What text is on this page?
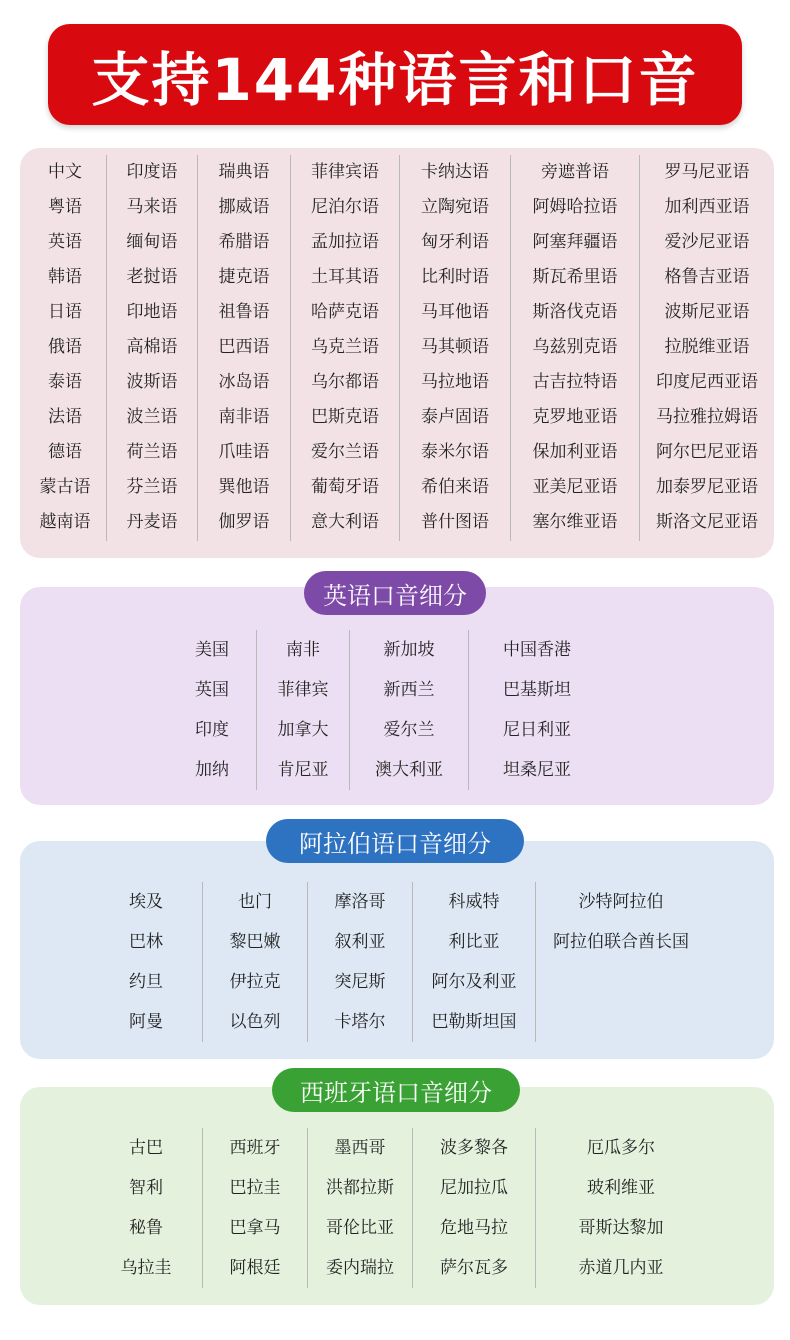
支持144种语言和口音
中文
粤语
英语
韩语
日语
俄语
泰语
法语
德语
蒙古语
越南语
印度语
马来语
缅甸语
老挝语
印地语
高棉语
波斯语
波兰语
荷兰语
芬兰语
丹麦语
瑞典语
挪威语
希腊语
捷克语
祖鲁语
巴西语
冰岛语
南非语
爪哇语
巽他语
伽罗语
菲律宾语
尼泊尔语
孟加拉语
土耳其语
哈萨克语
乌克兰语
乌尔都语
巴斯克语
爱尔兰语
葡萄牙语
意大利语
卡纳达语
立陶宛语
匈牙利语
比利时语
马耳他语
马其顿语
马拉地语
泰卢固语
泰米尔语
希伯来语
普什图语
旁遮普语
阿姆哈拉语
阿塞拜疆语
斯瓦希里语
斯洛伐克语
乌兹别克语
古吉拉特语
克罗地亚语
保加利亚语
亚美尼亚语
塞尔维亚语
罗马尼亚语
加利西亚语
爱沙尼亚语
格鲁吉亚语
波斯尼亚语
拉脱维亚语
印度尼西亚语
马拉雅拉姆语
阿尔巴尼亚语
加泰罗尼亚语
斯洛文尼亚语
英语口音细分
美国
英国
印度
加纳
南非
菲律宾
加拿大
肯尼亚
新加坡
新西兰
爱尔兰
澳大利亚
中国香港
巴基斯坦
尼日利亚
坦桑尼亚
阿拉伯语口音细分
埃及
巴林
约旦
阿曼
也门
黎巴嫩
伊拉克
以色列
摩洛哥
叙利亚
突尼斯
卡塔尔
科威特
利比亚
阿尔及利亚
巴勒斯坦国
沙特阿拉伯
阿拉伯联合酋长国
西班牙语口音细分
古巴
智利
秘鲁
乌拉圭
西班牙
巴拉圭
巴拿马
阿根廷
墨西哥
洪都拉斯
哥伦比亚
委内瑞拉
波多黎各
尼加拉瓜
危地马拉
萨尔瓦多
厄瓜多尔
玻利维亚
哥斯达黎加
赤道几内亚
